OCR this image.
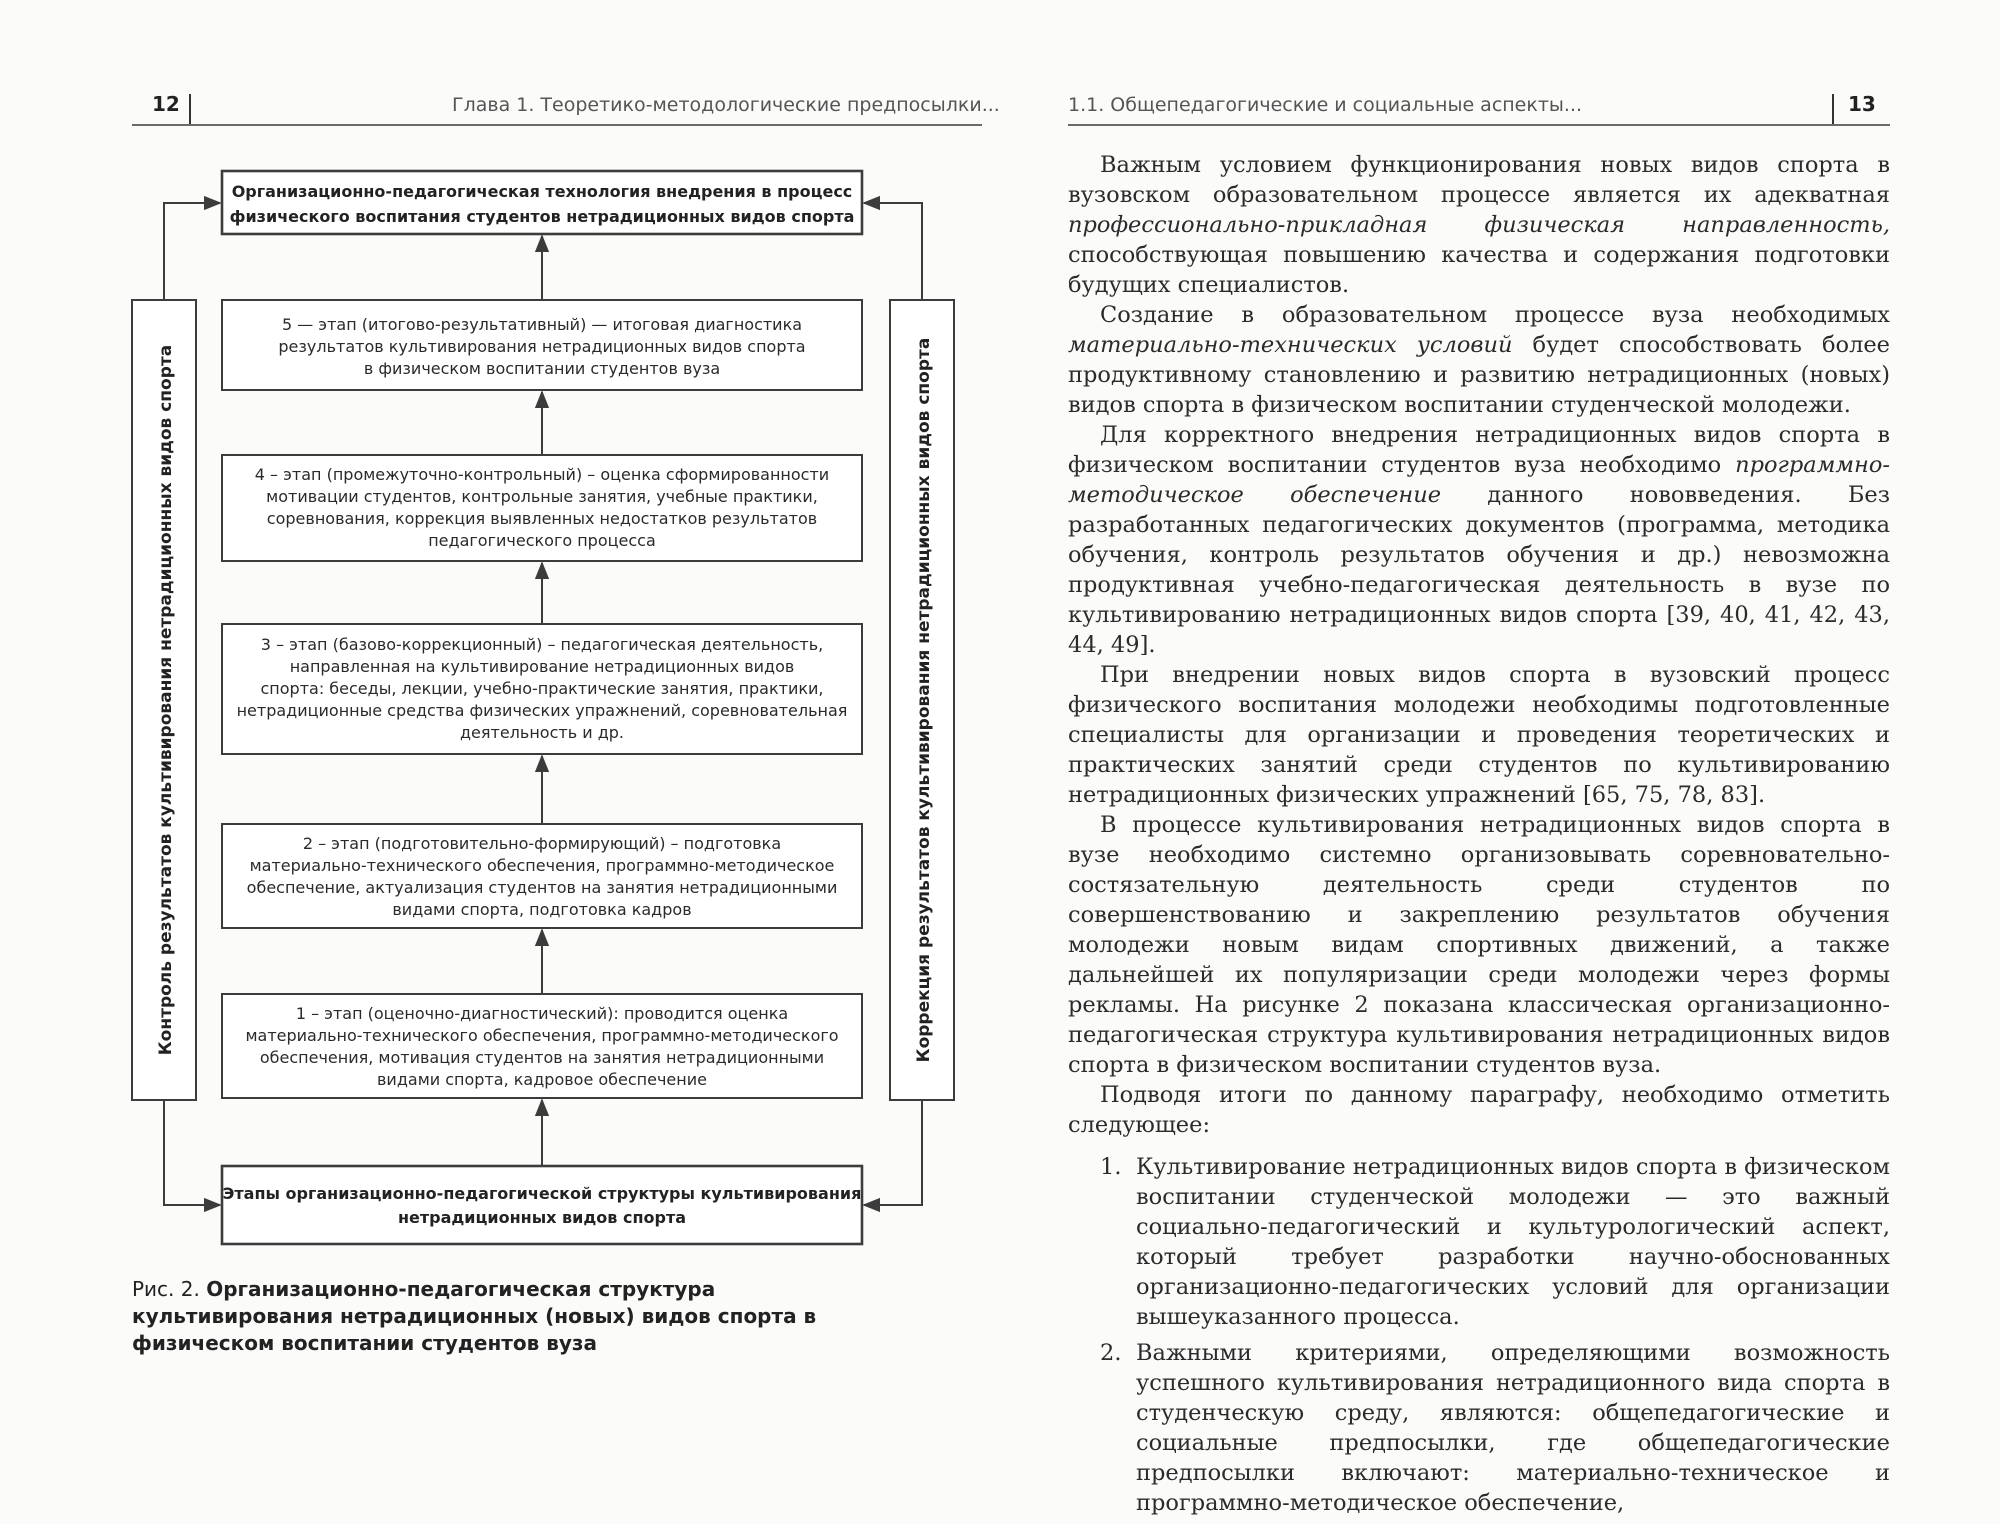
12	Глава 1. Теоретико-методологические предпосылки...	1.1. Общепедагогические и социальные аспекты...	13
Организационно-педагогическая технология внедрения в процесс
физического воспитания студентов нетрадиционных видов спорта
5 — этап (итогово-результативный) — итоговая диагностика
результатов культивирования нетрадиционных видов спорта
в физическом воспитании студентов вуза
4 – этап (промежуточно-контрольный) – оценка сформированности
мотивации студентов, контрольные занятия, учебные практики,
соревнования, коррекция выявленных недостатков результатов
педагогического процесса
3 – этап (базово-коррекционный) – педагогическая деятельность,
направленная на культивирование нетрадиционных видов
спорта: беседы, лекции, учебно-практические занятия, практики,
нетрадиционные средства физических упражнений, соревновательная
деятельность и др.
2 – этап (подготовительно-формирующий) – подготовка
материально-технического обеспечения, программно-методическое
обеспечение, актуализация студентов на занятия нетрадиционными
видами спорта, подготовка кадров
1 – этап (оценочно-диагностический): проводится оценка
материально-технического обеспечения, программно-методического
обеспечения, мотивация студентов на занятия нетрадиционными
видами спорта, кадровое обеспечение
Этапы организационно-педагогической структуры культивирования
нетрадиционных видов спорта
Контроль результатов культивирования нетрадиционных видов спорта	Коррекция результатов культивирования нетрадиционных видов спорта
Рис. 2. Организационно-педагогическая структура культивирования нетрадиционных (новых) видов спорта в физическом воспитании студентов вуза

Важным условием функционирования новых видов спорта в вузовском образовательном процессе является их адекватная профессионально-прикладная физическая направленность, способствующая повышению качества и содержания подготовки будущих специалистов.

Создание в образовательном процессе вуза необходимых материально-технических условий будет способствовать более продуктивному становлению и развитию нетрадиционных (новых) видов спорта в физическом воспитании студенческой молодежи.

Для корректного внедрения нетрадиционных видов спорта в физическом воспитании студентов вуза необходимо программно-методическое обеспечение данного нововведения. Без разработанных педагогических документов (программа, методика обучения, контроль результатов обучения и др.) невозможна продуктивная учебно-педагогическая деятельность в вузе по культивированию нетрадиционных видов спорта [39, 40, 41, 42, 43, 44, 49].

При внедрении новых видов спорта в вузовский процесс физического воспитания молодежи необходимы подготовленные специалисты для организации и проведения теоретических и практических занятий среди студентов по культивированию нетрадиционных физических упражнений [65, 75, 78, 83].

В процессе культивирования нетрадиционных видов спорта в вузе необходимо системно организовывать соревновательно-состязательную деятельность среди студентов по совершенствованию и закреплению результатов обучения молодежи новым видам спортивных движений, а также дальнейшей их популяризации среди молодежи через формы рекламы. На рисунке 2 показана классическая организационно-педагогическая структура культивирования нетрадиционных видов спорта в физическом воспитании студентов вуза.

Подводя итоги по данному параграфу, необходимо отметить следующее:

1. Культивирование нетрадиционных видов спорта в физическом воспитании студенческой молодежи — это важный социально-педагогический и культурологический аспект, который требует разработки научно-обоснованных организационно-педагогических условий для организации вышеуказанного процесса.
2. Важными критериями, определяющими возможность успешного культивирования нетрадиционного вида спорта в студенческую среду, являются: общепедагогические и социальные предпосылки, где общепедагогические предпосылки включают: материально-техническое и программно-методическое обеспечение,
